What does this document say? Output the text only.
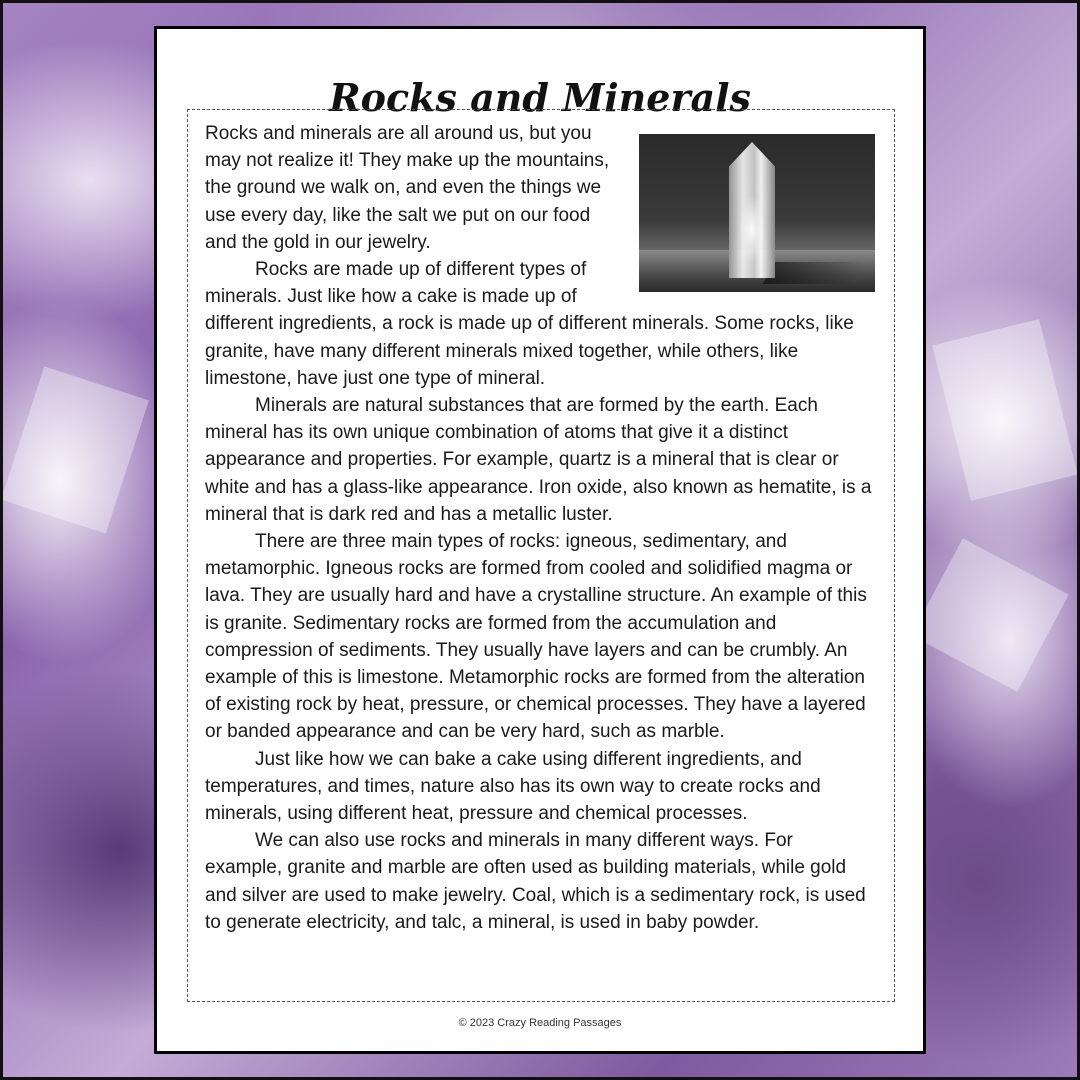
Rocks and Minerals

Rocks and minerals are all around us, but you may not realize it! They make up the mountains, the ground we walk on, and even the things we use every day, like the salt we put on our food and the gold in our jewelry.

Rocks are made up of different types of minerals. Just like how a cake is made up of different ingredients, a rock is made up of different minerals. Some rocks, like granite, have many different minerals mixed together, while others, like limestone, have just one type of mineral.

Minerals are natural substances that are formed by the earth. Each mineral has its own unique combination of atoms that give it a distinct appearance and properties. For example, quartz is a mineral that is clear or white and has a glass-like appearance. Iron oxide, also known as hematite, is a mineral that is dark red and has a metallic luster.

There are three main types of rocks: igneous, sedimentary, and metamorphic. Igneous rocks are formed from cooled and solidified magma or lava. They are usually hard and have a crystalline structure. An example of this is granite. Sedimentary rocks are formed from the accumulation and compression of sediments. They usually have layers and can be crumbly. An example of this is limestone. Metamorphic rocks are formed from the alteration of existing rock by heat, pressure, or chemical processes. They have a layered or banded appearance and can be very hard, such as marble.

Just like how we can bake a cake using different ingredients, and temperatures, and times, nature also has its own way to create rocks and minerals, using different heat, pressure and chemical processes.

We can also use rocks and minerals in many different ways. For example, granite and marble are often used as building materials, while gold and silver are used to make jewelry. Coal, which is a sedimentary rock, is used to generate electricity, and talc, a mineral, is used in baby powder.

© 2023 Crazy Reading Passages
